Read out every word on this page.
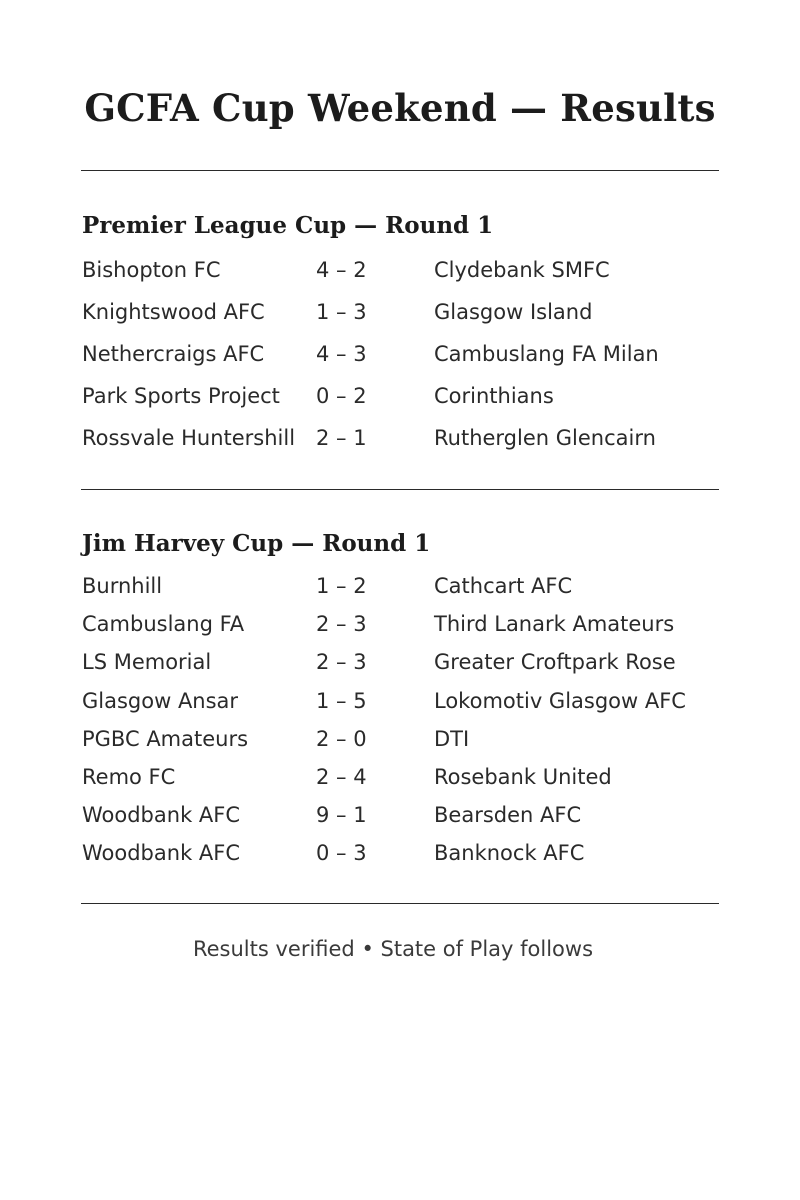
GCFA Cup Weekend — Results
Premier League Cup — Round 1
Bishopton FC	4 – 2	Clydebank SMFC
Knightswood AFC 1 – 3	Glasgow Island
Nethercraigs AFC 4 – 3	Cambuslang FA Milan
Park Sports Project 0 – 2	Corinthians
Rossvale Huntershill 2 – 1	Rutherglen Glencairn
Jim Harvey Cup — Round 1
Burnhill	1 – 2	Cathcart AFC
Cambuslang FA	2 – 3	Third Lanark Amateurs
LS Memorial	2 – 3	Greater Croftpark Rose
Glasgow Ansar	1 – 5	Lokomotiv Glasgow AFC
PGBC Amateurs	2 – 0	DTI
Remo FC	2 – 4	Rosebank United
Woodbank AFC	9 – 1	Bearsden AFC
Woodbank AFC	0 – 3	Banknock AFC
Results verified • State of Play follows
